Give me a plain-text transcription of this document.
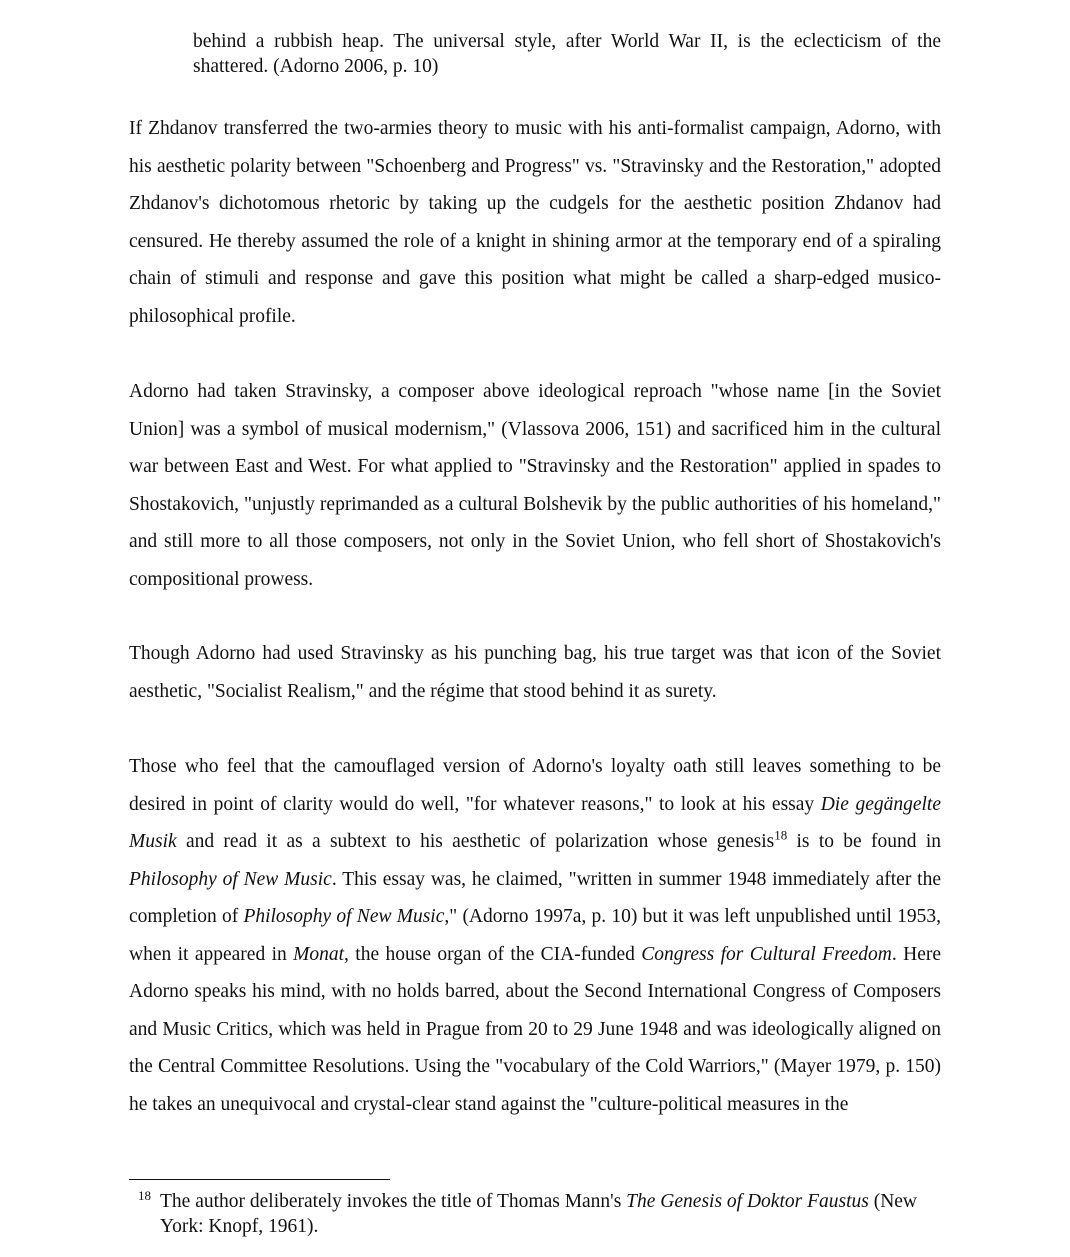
behind a rubbish heap. The universal style, after World War II, is the eclecticism of the shattered. (Adorno 2006, p. 10)

If Zhdanov transferred the two-armies theory to music with his anti-formalist campaign, Adorno, with his aesthetic polarity between "Schoenberg and Progress" vs. "Stravinsky and the Restoration," adopted Zhdanov's dichotomous rhetoric by taking up the cudgels for the aesthetic position Zhdanov had censured. He thereby assumed the role of a knight in shining armor at the temporary end of a spiraling chain of stimuli and response and gave this position what might be called a sharp-edged musico-philosophical profile.

Adorno had taken Stravinsky, a composer above ideological reproach "whose name [in the Soviet Union] was a symbol of musical modernism," (Vlassova 2006, 151) and sacrificed him in the cultural war between East and West. For what applied to "Stravinsky and the Restoration" applied in spades to Shostakovich, "unjustly reprimanded as a cultural Bolshevik by the public authorities of his homeland," and still more to all those composers, not only in the Soviet Union, who fell short of Shostakovich's compositional prowess.

Though Adorno had used Stravinsky as his punching bag, his true target was that icon of the Soviet aesthetic, "Socialist Realism," and the régime that stood behind it as surety.

Those who feel that the camouflaged version of Adorno's loyalty oath still leaves something to be desired in point of clarity would do well, "for whatever reasons," to look at his essay Die gegängelte Musik and read it as a subtext to his aesthetic of polarization whose genesis$^{18}$ is to be found in Philosophy of New Music. This essay was, he claimed, "written in summer 1948 immediately after the completion of Philosophy of New Music," (Adorno 1997a, p. 10) but it was left unpublished until 1953, when it appeared in Monat, the house organ of the CIA-funded Congress for Cultural Freedom. Here Adorno speaks his mind, with no holds barred, about the Second International Congress of Composers and Music Critics, which was held in Prague from 20 to 29 June 1948 and was ideologically aligned on the Central Committee Resolutions. Using the "vocabulary of the Cold Warriors," (Mayer 1979, p. 150) he takes an unequivocal and crystal-clear stand against the "culture-political measures in the

18 The author deliberately invokes the title of Thomas Mann's The Genesis of Doktor Faustus (New York: Knopf, 1961).
